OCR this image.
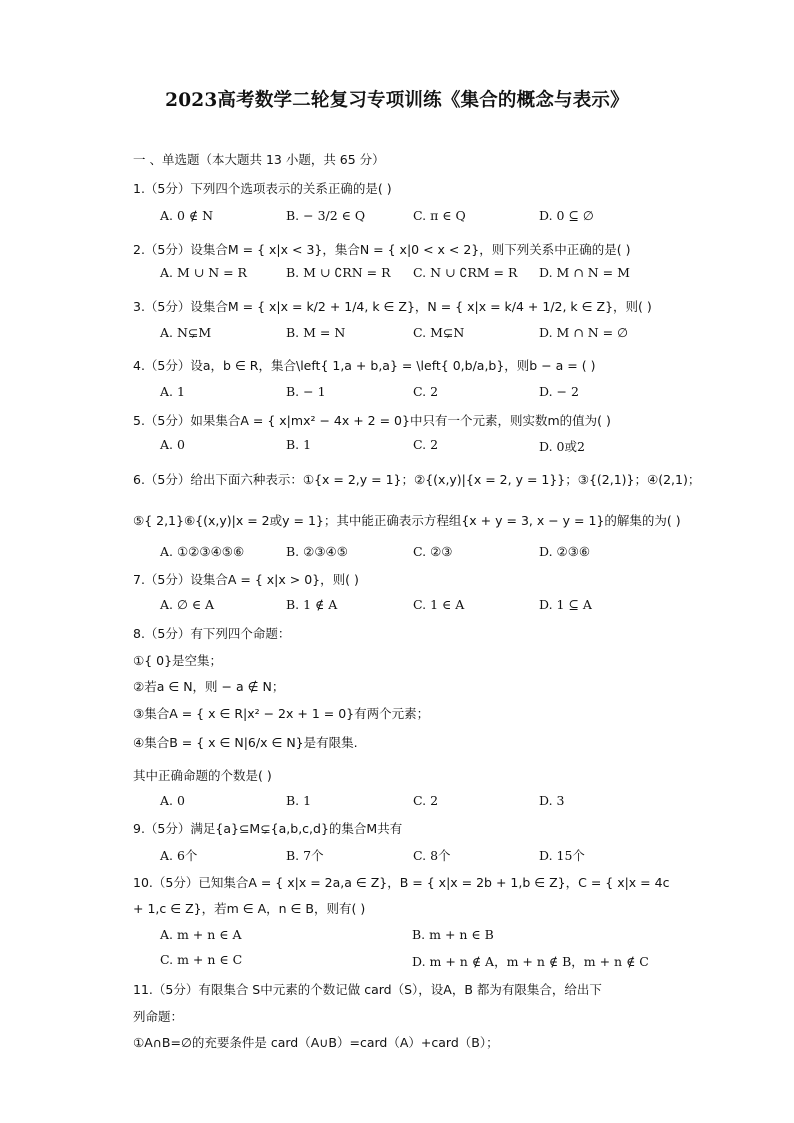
2023高考数学二轮复习专项训练《集合的概念与表示》
一 、单选题（本大题共 13 小题，共 65 分）
1.（5分）下列四个选项表示的关系正确的是( )
A. 0 ∉ N	B. − 3/2 ∈ Q	C. π ∈ Q	D. 0 ⊆ ∅
2.（5分）设集合M = { x|x < 3}，集合N = { x|0 < x < 2}，则下列关系中正确的是( )
A. M ∪ N = R	B. M ∪ ∁RN = R C. N ∪ ∁RM = R D. M ∩ N = M
3.（5分）设集合M = { x|x = k/2 + 1/4, k ∈ Z}，N = { x|x = k/4 + 1/2, k ∈ Z}，则( )
A. N⊊M	B. M = N	C. M⊊N	D. M ∩ N = ∅
4.（5分）设a，b ∈ R，集合\left{ 1,a + b,a} = \left{ 0,b/a,b}，则b − a = ( )
A. 1	B. − 1	C. 2	D. − 2
5.（5分）如果集合A = { x|mx² − 4x + 2 = 0}中只有一个元素，则实数m的值为( )
A. 0	B. 1	C. 2	D. 0或2
6.（5分）给出下面六种表示：①{x = 2,y = 1}；②{(x,y)|{x = 2, y = 1}}；③{(2,1)}；④(2,1)；
⑤{ 2,1}⑥{(x,y)|x = 2或y = 1}；其中能正确表示方程组{x + y = 3, x − y = 1}的解集的为( )
A. ①②③④⑤⑥	B. ②③④⑤	C. ②③	D. ②③⑥
7.（5分）设集合A = { x|x > 0}，则( )
A. ∅ ∈ A	B. 1 ∉ A	C. 1 ∈ A	D. 1 ⊆ A
8.（5分）有下列四个命题：
①{ 0}是空集；
②若a ∈ N，则 − a ∉ N；
③集合A = { x ∈ R|x² − 2x + 1 = 0}有两个元素；
④集合B = { x ∈ N|6/x ∈ N}是有限集.
其中正确命题的个数是( )
A. 0	B. 1	C. 2	D. 3
9.（5分）满足{a}⊆M⊊{a,b,c,d}的集合M共有
A. 6个	B. 7个	C. 8个	D. 15个
10.（5分）已知集合A = { x|x = 2a,a ∈ Z}，B = { x|x = 2b + 1,b ∈ Z}，C = { x|x = 4c
+ 1,c ∈ Z}，若m ∈ A，n ∈ B，则有( )
A. m + n ∈ A	B. m + n ∈ B
C. m + n ∈ C	D. m + n ∉ A，m + n ∉ B，m + n ∉ C
11.（5分）有限集合 S中元素的个数记做 card（S），设A，B 都为有限集合，给出下
列命题：
①A∩B=∅的充要条件是 card（A∪B）=card（A）+card（B）；
